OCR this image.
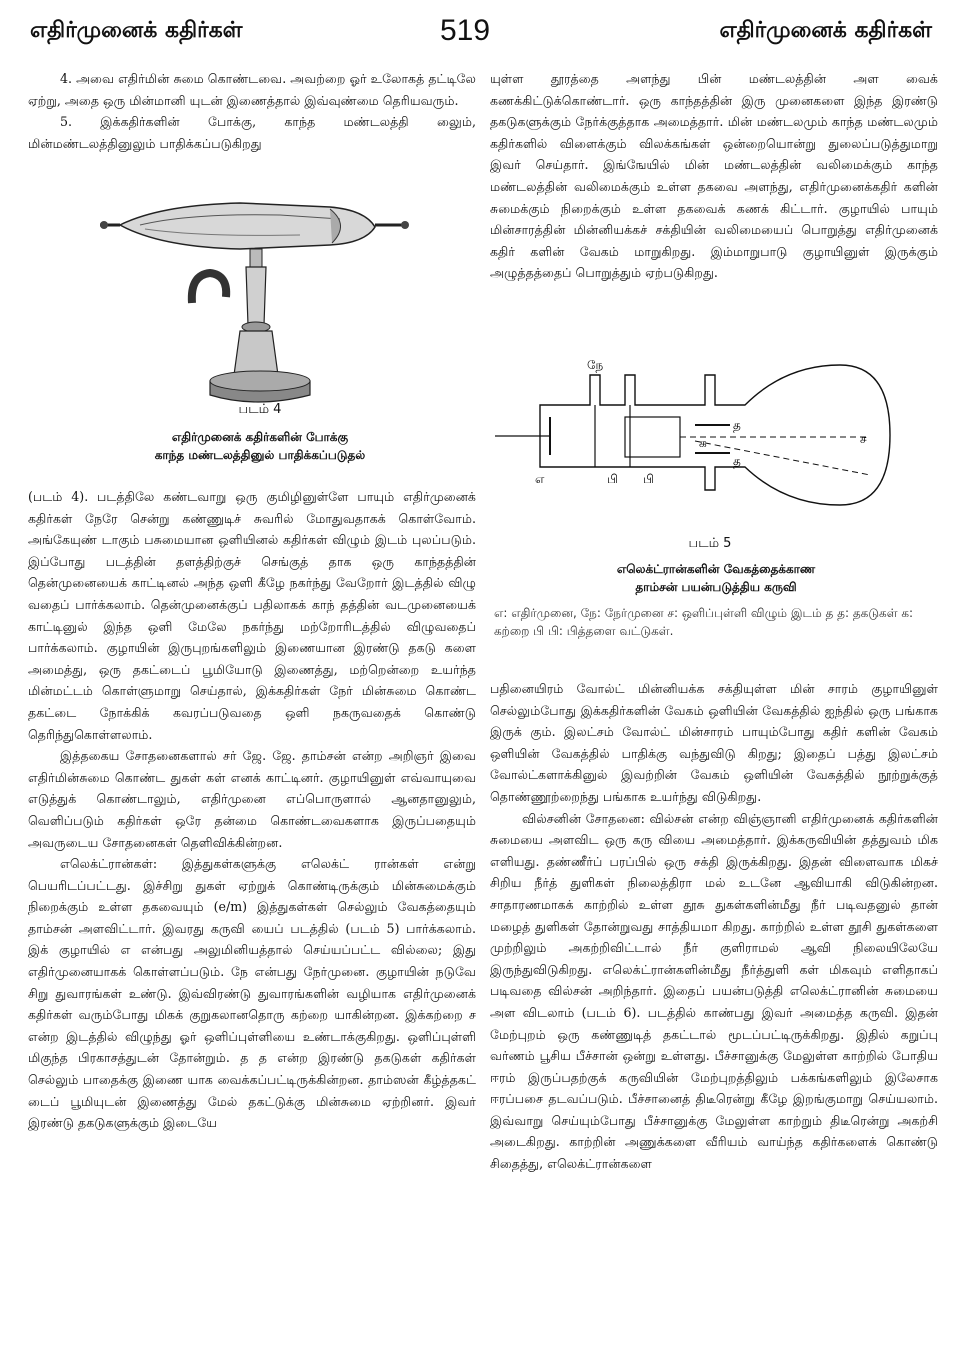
எதிர்முனைக் கதிர்கள்	519	எதிர்முனைக் கதிர்கள்

4. அவை எதிர்மின் சுமை கொண்டவை. அவற்றை ஓர் உலோகத் தட்டிலே ஏற்று, அதை ஒரு மின்மானி யுடன் இணைத்தால் இவ்வுண்மை தெரியவரும்.

5. இக்கதிர்களின் போக்கு, காந்த மண்டலத்தி லுைம், மின்மண்டலத்தினுலும் பாதிக்கப்படுகிறது

படம் 4
எதிர்முனைக் கதிர்களின் போக்கு
காந்த மண்டலத்தினுல் பாதிக்கப்படுதல்

(படம் 4). படத்திலே கண்டவாறு ஒரு குமிழினுள்ளே பாயும் எதிர்முனைக் கதிர்கள் நேரே சென்று கண்ணுடிச் சுவரில் மோதுவதாகக் கொள்வோம். அங்கேயுண் டாகும் பசுமையான ஒளியினல் கதிர்கள் விழும் இடம் புலப்படும். இப்போது படத்தின் தளத்திற்குச் செங்குத் தாக ஒரு காந்தத்தின் தென்முனையைக் காட்டினல் அந்த ஒளி கீழே நகர்ந்து வேறோர் இடத்தில் விழு வதைப் பார்க்கலாம். தென்முனைக்குப் பதிலாகக் காந் தத்தின் வடமுனையைக் காட்டினுல் இந்த ஒளி மேலே நகர்ந்து மற்றோரிடத்தில் விழுவதைப் பார்க்கலாம். குழாயின் இருபுறங்களிலும் இணையான இரண்டு தகடு களை அமைத்து, ஒரு தகட்டைப் பூமியோடு இணைத்து, மற்றென்றை உயர்ந்த மின்மட்டம் கொள்ளுமாறு செய்தால், இக்கதிர்கள் நேர் மின்சுமை கொண்ட தகட்டை நோக்கிக் கவரப்படுவதை ஒளி நகருவதைக் கொண்டு தெரிந்துகொள்ளலாம்.

இத்தகைய சோதனைகளால் சர் ஜே. ஜே. தாம்சன் என்ற அறிஞர் இவை எதிர்மின்சுமை கொண்ட துகள் கள் எனக் காட்டினர். குழாயினுள் எவ்வாயுவை எடுத்துக் கொண்டாலும், எதிர்முனை எப்பொருளால் ஆனதானுலும், வெளிப்படும் கதிர்கள் ஒரே தன்மை கொண்டவைகளாக இருப்பதையும் அவருடைய சோதனைகள் தெளிவிக்கின்றன.

எலெக்ட்ரான்கள்: இத்துகள்களுக்கு எலெக்ட் ரான்கள் என்று பெயரிடப்பட்டது. இச்சிறு துகள் ஏற்றுக் கொண்டிருக்கும் மின்சுமைக்கும் நிறைக்கும் உள்ள தகவையும் (e/m) இத்துகள்கள் செல்லும் வேகத்தையும் தாம்சன் அளவிட்டார். இவரது கருவி யைப் படத்தில் (படம் 5) பார்க்கலாம். இக் குழாயில் எ என்பது அலுமினியத்தால் செய்யப்பட்ட வில்லை; இது எதிர்முனையாகக் கொள்ளப்படும். நே என்பது நேர்முனை. குழாயின் நடுவே சிறு துவாரங்கள் உண்டு. இவ்விரண்டு துவாரங்களின் வழியாக எதிர்முனைக் கதிர்கள் வரும்போது மிகக் குறுகலானதொரு கற்றை யாகின்றன. இக்கற்றை ச என்ற இடத்தில் விழுந்து ஓர் ஒளிப்புள்ளியை உண்டாக்குகிறது. ஒளிப்புள்ளி மிகுந்த பிரகாசத்துடன் தோன்றும். த த என்ற இரண்டு தகடுகள் கதிர்கள் செல்லும் பாதைக்கு இணை யாக வைக்கப்பட்டிருக்கின்றன. தாம்ஸன் கீழ்த்தகட் டைப் பூமியுடன் இணைத்து மேல் தகட்டுக்கு மின்சுமை ஏற்றினர். இவர் இரண்டு தகடுகளுக்கும் இடையே

யுள்ள தூரத்தை அளந்து பின் மண்டலத்தின் அள வைக் கணக்கிட்டுக்கொண்டார். ஒரு காந்தத்தின் இரு முனைகளை இந்த இரண்டு தகடுகளுக்கும் நேர்க்குத்தாக அமைத்தார். மின் மண்டலமும் காந்த மண்டலமும் கதிர்களில் விளைக்கும் விலக்கங்கள் ஒன்றையொன்று துலைப்படுத்துமாறு இவர் செய்தார். இங்ஙேயில் மின் மண்டலத்தின் வலிமைக்கும் காந்த மண்டலத்தின் வலிமைக்கும் உள்ள தகவை அளந்து, எதிர்முனைக்கதிர் களின் சுமைக்கும் நிறைக்கும் உள்ள தகவைக் கணக் கிட்டார். குழாயில் பாயும் மின்சாரத்தின் மின்னியக்கச் சக்தியின் வலிமையைப் பொறுத்து எதிர்முனைக் கதிர் களின் வேகம் மாறுகிறது. இம்மாறுபாடு குழாயினுள் இருக்கும் அழுத்தத்தைப் பொறுத்தும் ஏற்படுகிறது.

நே
எ	பி பி
த
த
க	ச
படம் 5
எலெக்ட்ரான்களின் வேகத்தைக்காண
தாம்சன் பயன்படுத்திய கருவி
எ: எதிர்முனை, நே: நேர்முனை ச: ஒளிப்புள்ளி விழும் இடம் த த: தகடுகள் க: கற்றை பி பி: பித்தளை வட்டுகள்.

பதினையிரம் வோல்ட் மின்னியக்க சக்தியுள்ள மின் சாரம் குழாயினுள் செல்லும்போது இக்கதிர்களின் வேகம் ஒளியின் வேகத்தில் ஐந்தில் ஒரு பங்காக இருக் கும். இலட்சம் வோல்ட் மின்சாரம் பாயும்போது கதிர் களின் வேகம் ஒளியின் வேகத்தில் பாதிக்கு வந்துவிடு கிறது; இதைப் பத்து இலட்சம் வோல்ட்களாக்கினுல் இவற்றின் வேகம் ஒளியின் வேகத்தில் நூற்றுக்குத் தொண்ணூற்றைந்து பங்காக உயர்ந்து விடுகிறது.

வில்சனின் சோதனை: வில்சன் என்ற விஞ்ஞானி எதிர்முனைக் கதிர்களின் சுமையை அளவிட ஒரு கரு வியை அமைத்தார். இக்கருவியின் தத்துவம் மிக எளியது. தண்ணீர்ப் பரப்பில் ஒரு சக்தி இருக்கிறது. இதன் விளைவாக மிகச் சிறிய நீர்த் துளிகள் நிலைத்திரா மல் உடனே ஆவியாகி விடுகின்றன. சாதாரணமாகக் காற்றில் உள்ள தூசு துகள்களின்மீது நீர் படிவதனுல் தான் மழைத் துளிகள் தோன்றுவது சாத்தியமா கிறது. காற்றில் உள்ள தூசி துகள்களை முற்றிலும் அகற்றிவிட்டால் நீர் குளிராமல் ஆவி நிலையிலேயே இருந்துவிடுகிறது. எலெக்ட்ரான்களின்மீது நீர்த்துளி கள் மிகவும் எளிதாகப் படிவதை வில்சன் அறிந்தார். இதைப் பயன்படுத்தி எலெக்ட்ரானின் சுமையை அள விடலாம் (படம் 6). படத்தில் காண்பது இவர் அமைத்த கருவி. இதன் மேற்புறம் ஒரு கண்ணுடித் தகட்டால் மூடப்பட்டிருக்கிறது. இதில் கறுப்பு வர்ணம் பூசிய பீச்சான் ஒன்று உள்ளது. பீச்சானுக்கு மேலுள்ள காற்றில் போதிய ஈரம் இருப்பதற்குக் கருவியின் மேற்புறத்திலும் பக்கங்களிலும் இலேசாக ஈரப்பசை தடவப்படும். பீச்சானைத் திடீரென்று கீழே இறங்குமாறு செய்யலாம். இவ்வாறு செய்யும்போது பீச்சானுக்கு மேலுள்ள காற்றும் திடீரென்று அகற்சி அடைகிறது. காற்றின் அணுக்களை வீரியம் வாய்ந்த கதிர்களைக் கொண்டு சிதைத்து, எலெக்ட்ரான்களை
